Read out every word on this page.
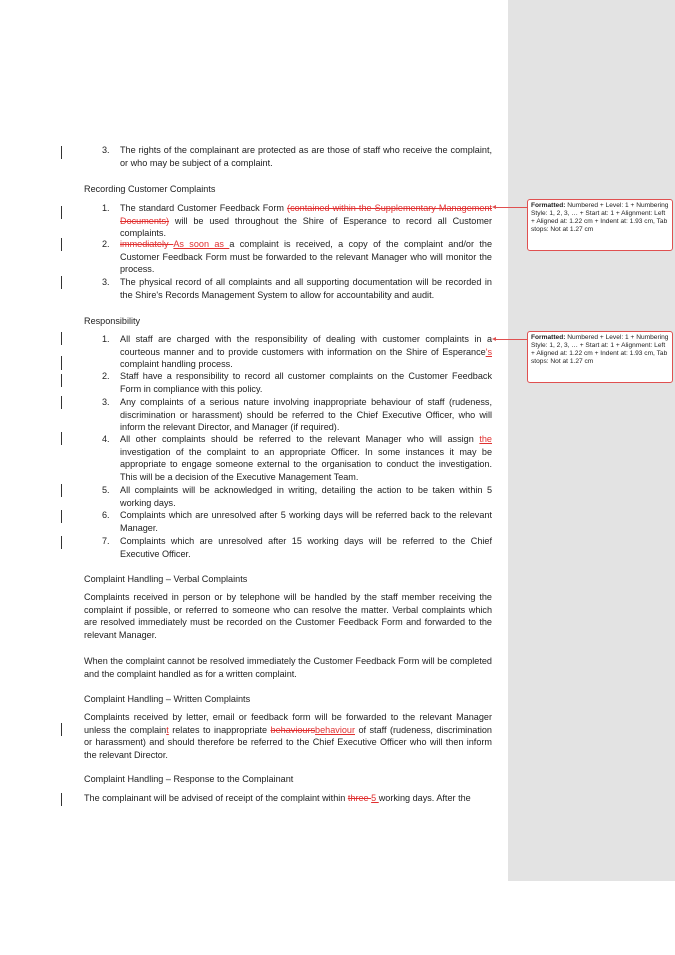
Formatted: Numbered + Level: 1 + Numbering Style: 1, 2, 3, … + Start at: 1 + Alignment: Left + Aligned at: 1.22 cm + Indent at: 1.93 cm, Tab stops: Not at 1.27 cm
Formatted: Numbered + Level: 1 + Numbering Style: 1, 2, 3, … + Start at: 1 + Alignment: Left + Aligned at: 1.22 cm + Indent at: 1.93 cm, Tab stops: Not at 1.27 cm
3. The rights of the complainant are protected as are those of staff who receive the complaint, or who may be subject of a complaint.
Recording Customer Complaints
1. The standard Customer Feedback Form (contained within the Supplementary Management Documents) will be used throughout the Shire of Esperance to record all Customer complaints.
2. immediately As soon as a complaint is received, a copy of the complaint and/or the Customer Feedback Form must be forwarded to the relevant Manager who will monitor the process.
3. The physical record of all complaints and all supporting documentation will be recorded in the Shire's Records Management System to allow for accountability and audit.
Responsibility
1. All staff are charged with the responsibility of dealing with customer complaints in a courteous manner and to provide customers with information on the Shire of Esperance's complaint handling process.
2. Staff have a responsibility to record all customer complaints on the Customer Feedback Form in compliance with this policy.
3. Any complaints of a serious nature involving inappropriate behaviour of staff (rudeness, discrimination or harassment) should be referred to the Chief Executive Officer, who will inform the relevant Director, and Manager (if required).
4. All other complaints should be referred to the relevant Manager who will assign the investigation of the complaint to an appropriate Officer. In some instances it may be appropriate to engage someone external to the organisation to conduct the investigation. This will be a decision of the Executive Management Team.
5. All complaints will be acknowledged in writing, detailing the action to be taken within 5 working days.
6. Complaints which are unresolved after 5 working days will be referred back to the relevant Manager.
7. Complaints which are unresolved after 15 working days will be referred to the Chief Executive Officer.
Complaint Handling – Verbal Complaints
Complaints received in person or by telephone will be handled by the staff member receiving the complaint if possible, or referred to someone who can resolve the matter. Verbal complaints which are resolved immediately must be recorded on the Customer Feedback Form and forwarded to the relevant Manager.
When the complaint cannot be resolved immediately the Customer Feedback Form will be completed and the complaint handled as for a written complaint.
Complaint Handling – Written Complaints
Complaints received by letter, email or feedback form will be forwarded to the relevant Manager unless the complaint relates to inappropriate behavioursbehaviour of staff (rudeness, discrimination or harassment) and should therefore be referred to the Chief Executive Officer who will then inform the relevant Director.
Complaint Handling – Response to the Complainant
The complainant will be advised of receipt of the complaint within three 5 working days. After the
